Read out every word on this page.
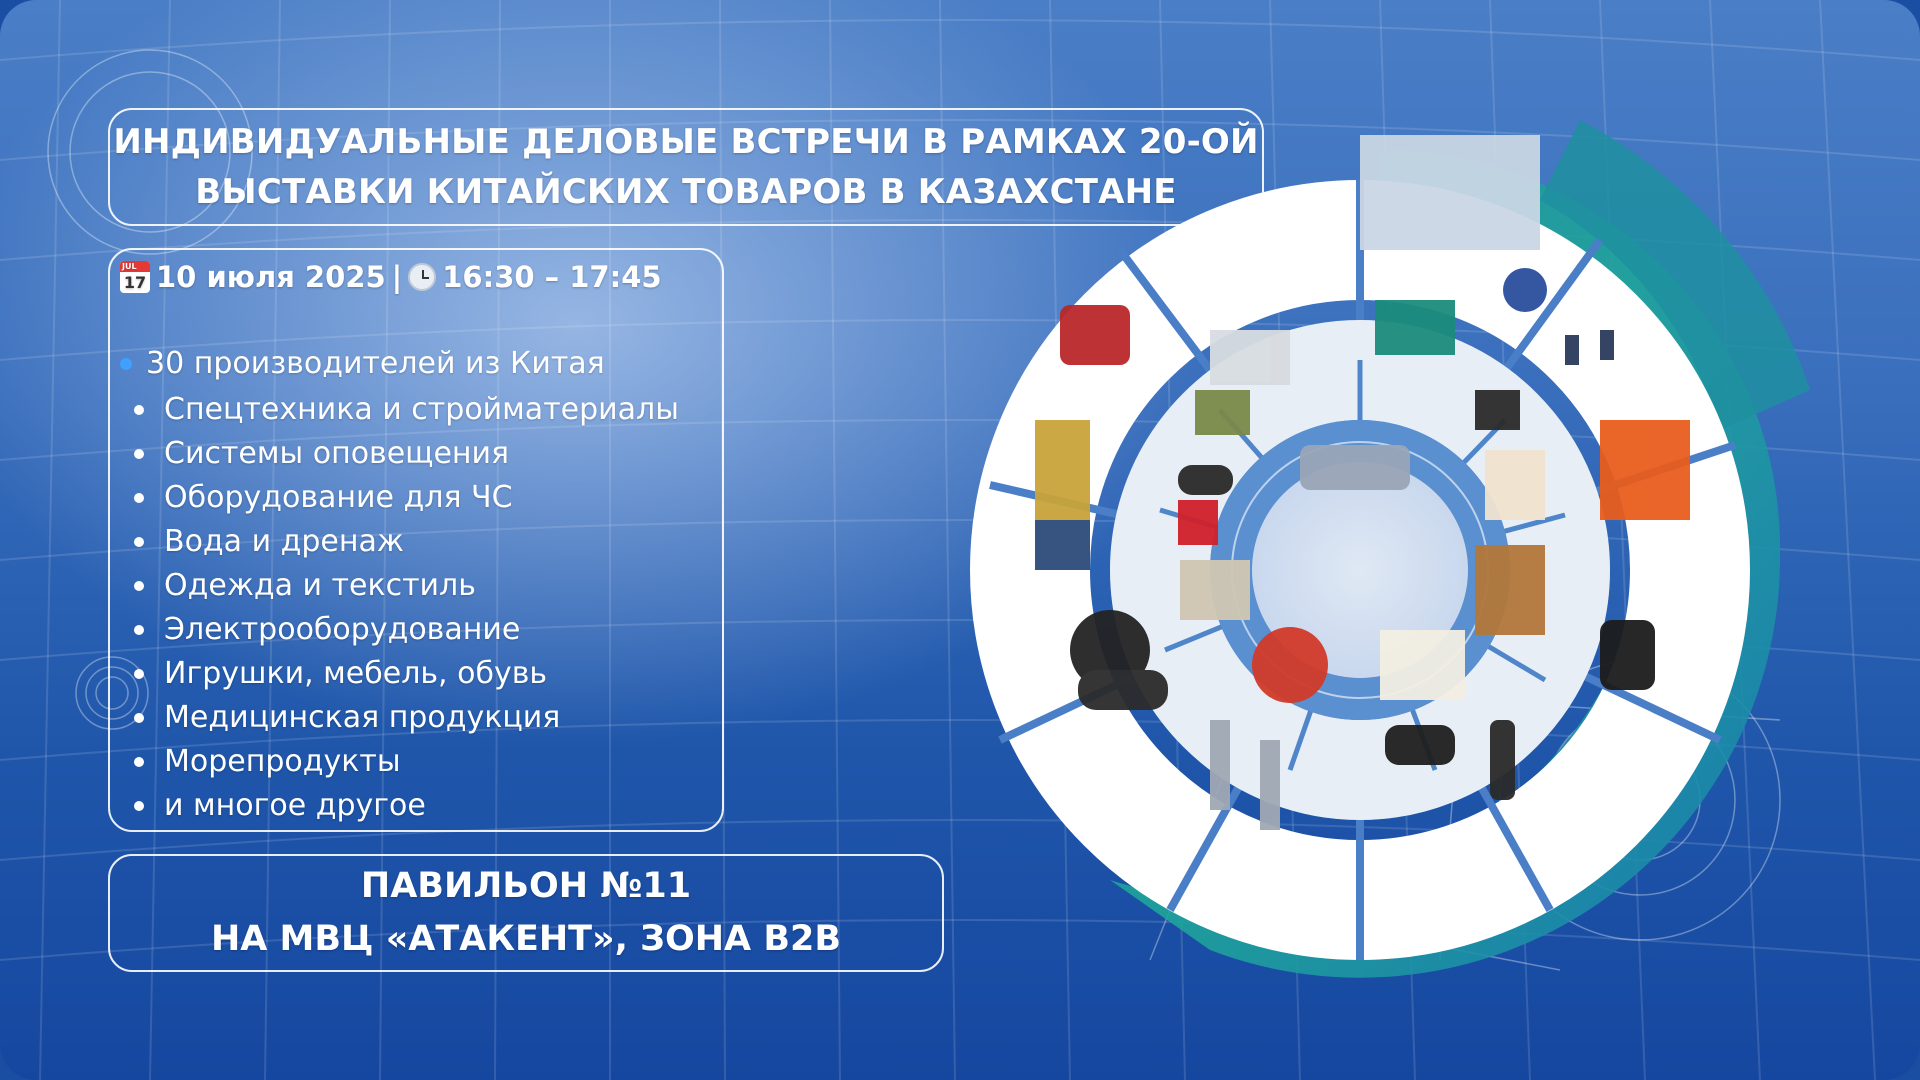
ИНДИВИДУАЛЬНЫЕ ДЕЛОВЫЕ ВСТРЕЧИ В РАМКАХ 20-ОЙ
ВЫСТАВКИ КИТАЙСКИХ ТОВАРОВ В КАЗАХСТАНЕ
JUL
17 10 июля 2025 | 16:30 – 17:45
30 производителей из Китая
Спецтехника и стройматериалы
Системы оповещения
Оборудование для ЧС
Вода и дренаж
Одежда и текстиль
Электрооборудование
Игрушки, мебель, обувь
Медицинская продукция
Морепродукты
и многое другое
ПАВИЛЬОН №11
НА МВЦ «АТАКЕНТ», ЗОНА B2B
